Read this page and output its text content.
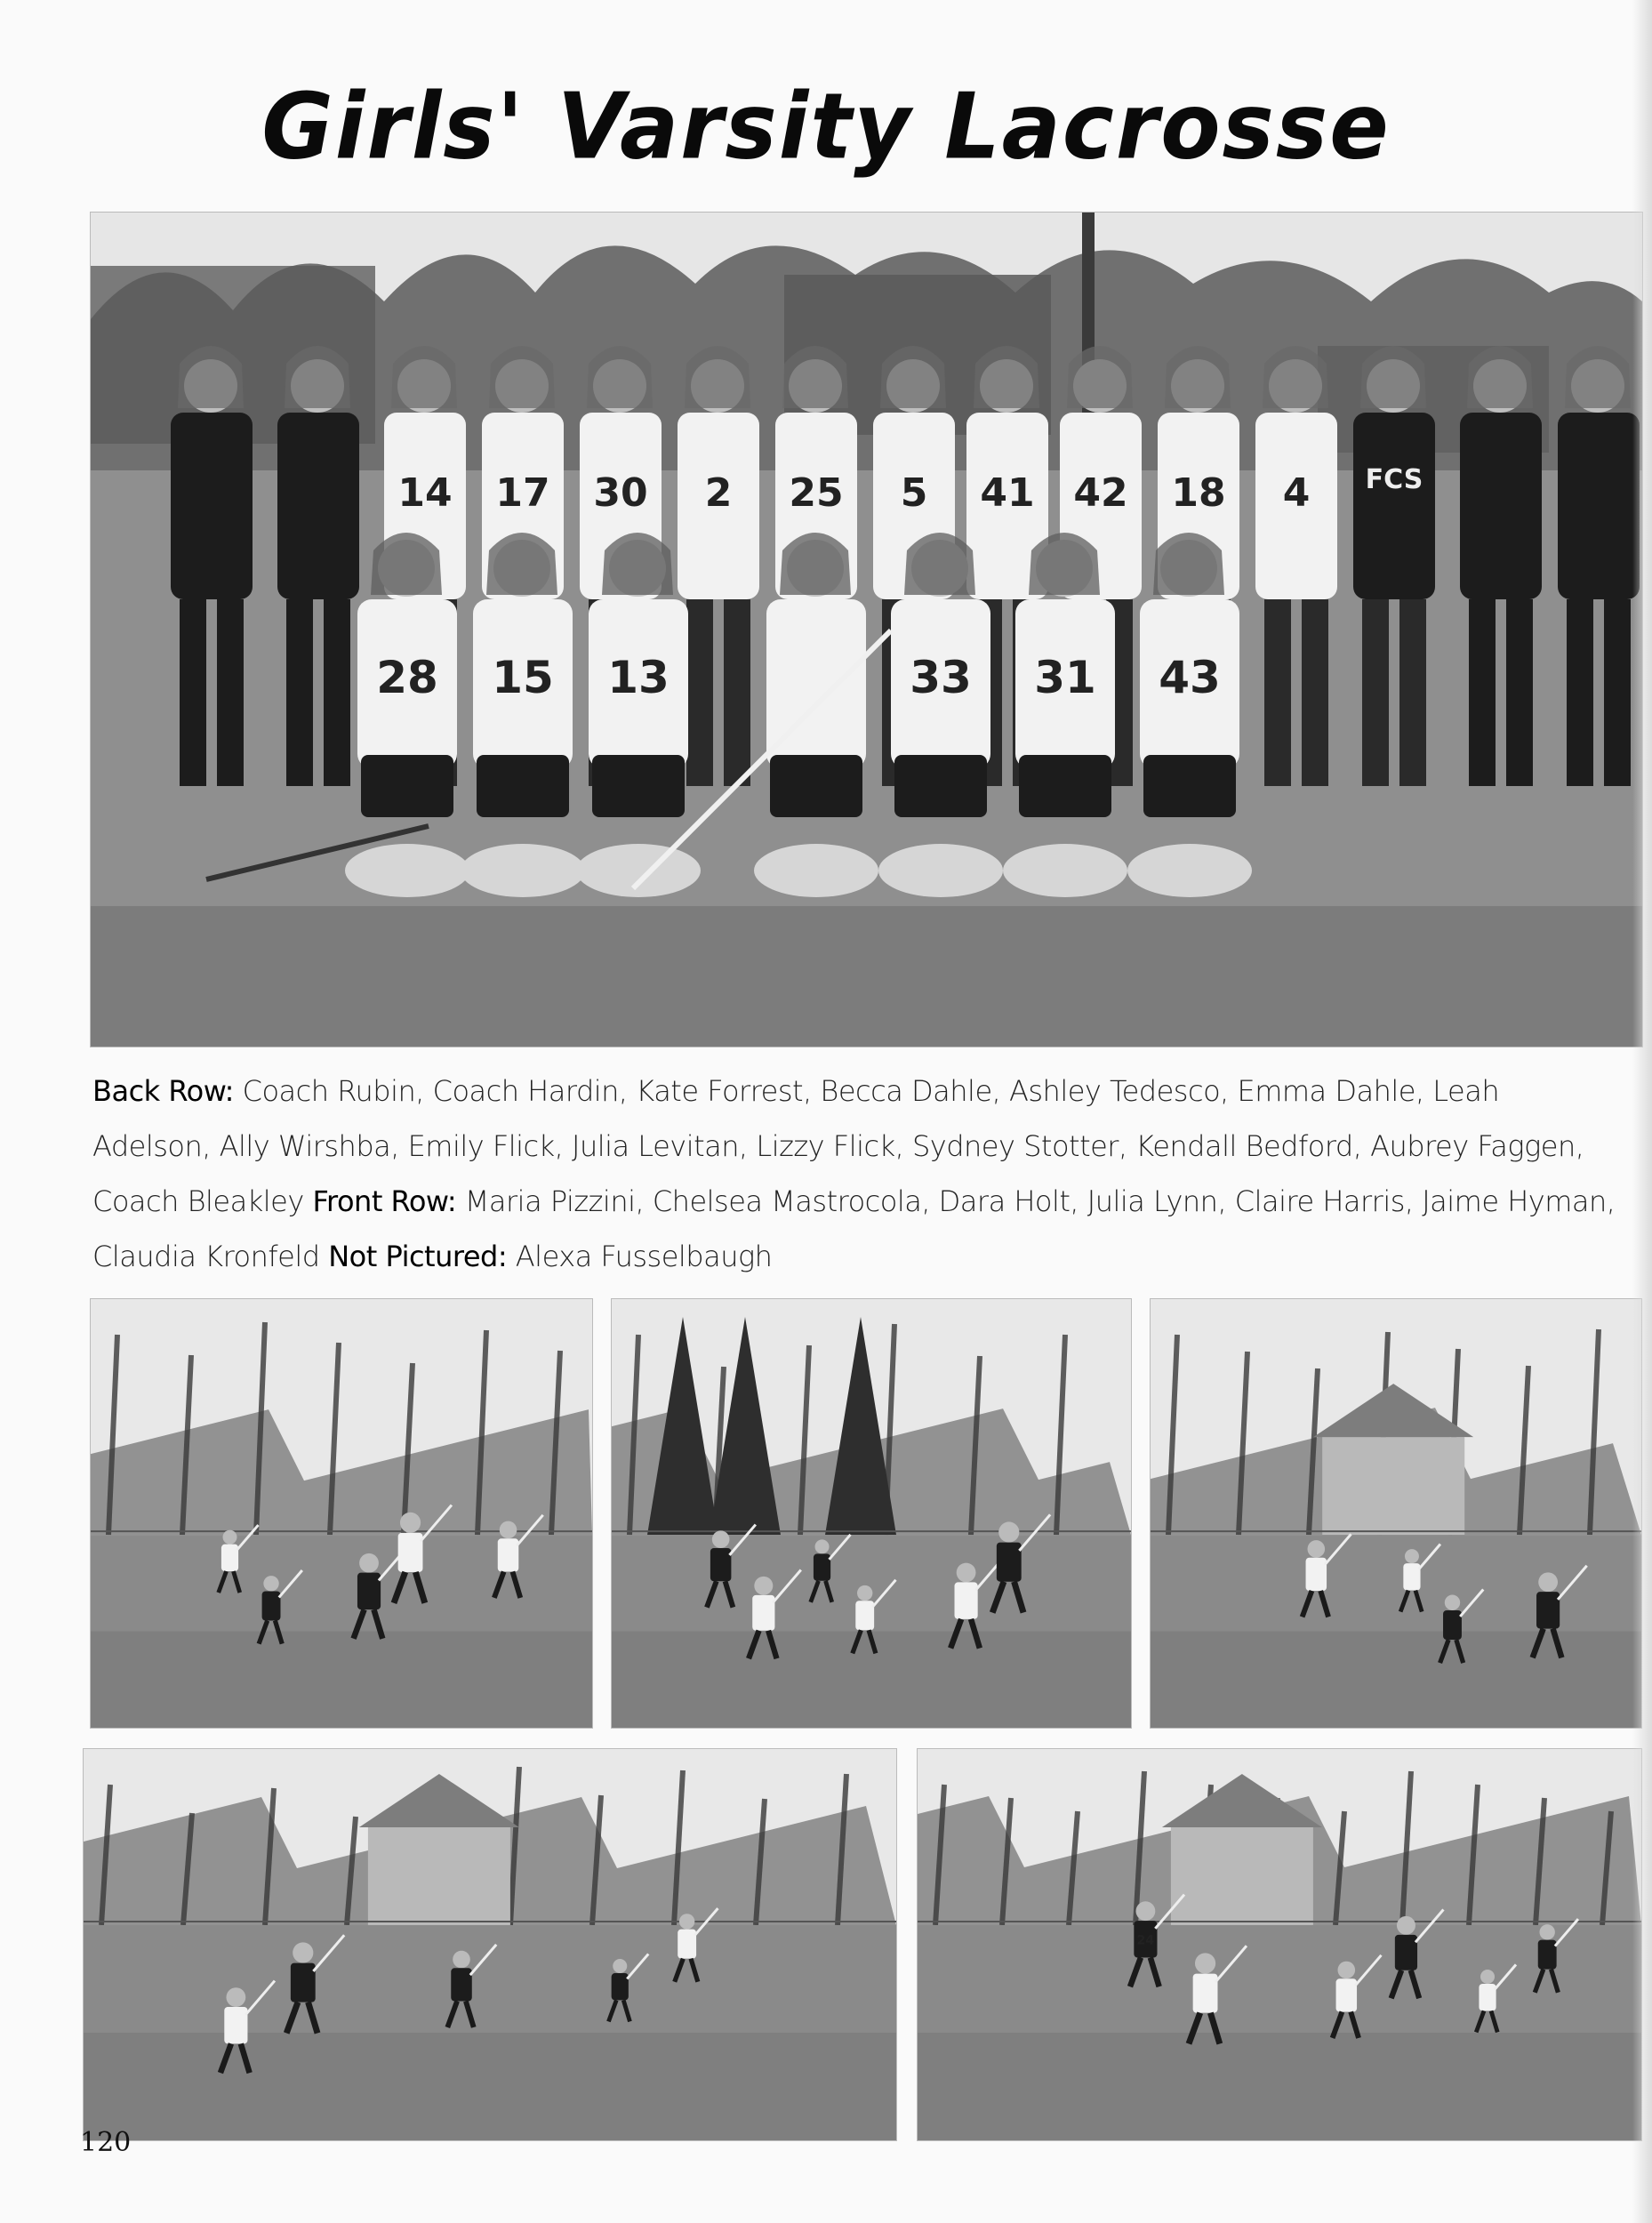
Girls' Varsity Lacrosse
14 17 30 2 25 5 41 42 18 4 FCS
28 15 13	33 31 43

Back Row: Coach Rubin, Coach Hardin, Kate Forrest, Becca Dahle, Ashley Tedesco, Emma Dahle, Leah Adelson, Ally Wirshba, Emily Flick, Julia Levitan, Lizzy Flick, Sydney Stotter, Kendall Bedford, Aubrey Faggen, Coach Bleakley Front Row: Maria Pizzini, Chelsea Mastrocola, Dara Holt, Julia Lynn, Claire Harris, Jaime Hyman, Claudia Kronfeld Not Pictured: Alexa Fusselbaugh

24
120
